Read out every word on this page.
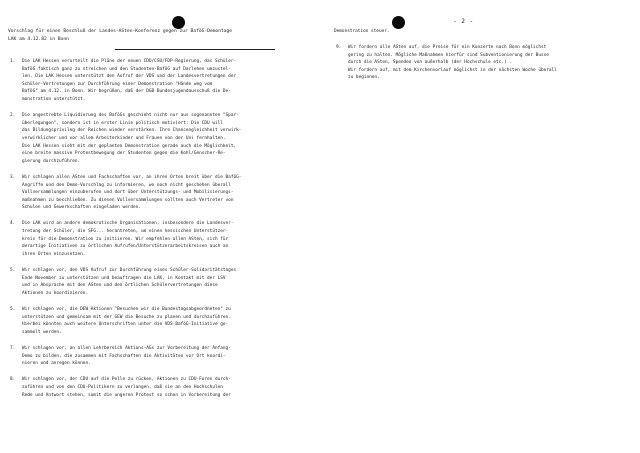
Vorschlag für einen Beschluß der Landes-ASten-Konferenz gegen zur BaföG-Demontage
LAK am 4.12.82 in Bonn
1. Die LAK Hessen verurteilt die Pläne der neuen CDU/CSU/FDP-Regierung, das Schüler-
BaföG faktisch ganz zu streichen und den Studenten-BaföG auf Darlehen umzustel-
len. Die LAK Hessen unterstützt den Aufruf der VDS und der Landesvertretungen der
Schüler-Vertretungen zur Durchführung einer Demonstration "Hände weg vom
BaföG" am 4.12. in Bonn. Wir begrüßen, daß der DGB Bundesjugendausschuß die De-
monstration unterstützt.
2. Die angestrebte Liquidierung des BaföGs geschieht nicht nur aus sogenannten "Spar-
überlegungen", sondern ist in erster Linie politisch motiviert: Die CDU will
das Bildungsprivileg der Reichen wieder verstärken. Ihre Chancengleichheit verwirk-
verwirklicher und vor allem Arbeiterkinder und Frauen von der Uni fernhalten.
Die LAK Hessen sieht mit der geplanten Demonstration gerade auch die Möglichkeit,
eine breite massive Protestbewegung der Studenten gegen die Kohl/Genscher-Re-
gierung durchzuführen.
3. Wir schlagen allen ASten und Fachschaften vor, an ihren Orten breit über die BaföG-
Angriffe und den Demo-Vorschlag zu informieren, wo noch nicht geschehen überall
Vollversammlungen einzuberufen und dort über Unterstützungs- und Mobilisierungs-
maßnahmen zu beschließen. Zu diesen Vollversammlungen sollten auch Vertreter von
Schulen und Gewerkschaften eingeladen werden.
4. Die LAK wird an andere demokratische Organisationen, insbesondere die Landesver-
tretung der Schüler, die SFG... herantreten, um einen hessischen Unterstützer-
kreis für die Demonstration zu initiieren. Wir empfehlen allen ASten, sich für
derartige Initiativen zu örtlichen Aufrufen/Unterstützerarbeitskreisen auch an
ihren Orten einzusetzen.
5. Wir schlagen vor, den VDS Aufruf zur Durchführung eines Schüler-Solidaritätstages
Ende November zu unterstützen und beauftragen die LAK, in Kontakt mit der LSV
und in Absprache mit den ASten und den örtlichen Schülervertretungen diese
Aktionen zu koordinieren.
5. Wir schlagen vor, die DEW Aktionen "Besuchen wir die Bundestagsabgeordneten" zu
unterstützen und gemeinsam mit der GEW die Besuche zu planen und durchzuführen.
Hierbei könnten auch weitere Unterschriften unter die VDS-BaföG-Initiative ge-
sammelt werden.
7. Wir schlagen vor, an allen Lehrbereich Aktions-AGs zur Vorbereitung der Anfang-
Demo zu bilden, die zusammen mit Fachschaften die Aktivitäten vor Ort koordi-
nieren und anregen können.
8. Wir schlagen vor, der CDU auf die Pelle zu rücken, Aktionen zu CDU-Foren durch-
zuführen und von den CDU-Politikern zu verlangen, daß sie an den Hochschulen
Rede und Antwort stehen, somit die ungeren Protest so schon in Vorbereitung der
- 2 -
Demonstration steuer.
9. Wir fordern alle ASten auf, die Preise für ein Konzerte nach Bonn möglichst
gering zu halten. Mögliche Maßnahmen hierfür sind Subventionierung der Busse
durch die ASten, Spenden von außerhalb (der Hochschule etc.) .
Wir fordern auf, mit dem Kirchenvorlauf möglichst in der nächsten Woche überall
zu beginnen.
